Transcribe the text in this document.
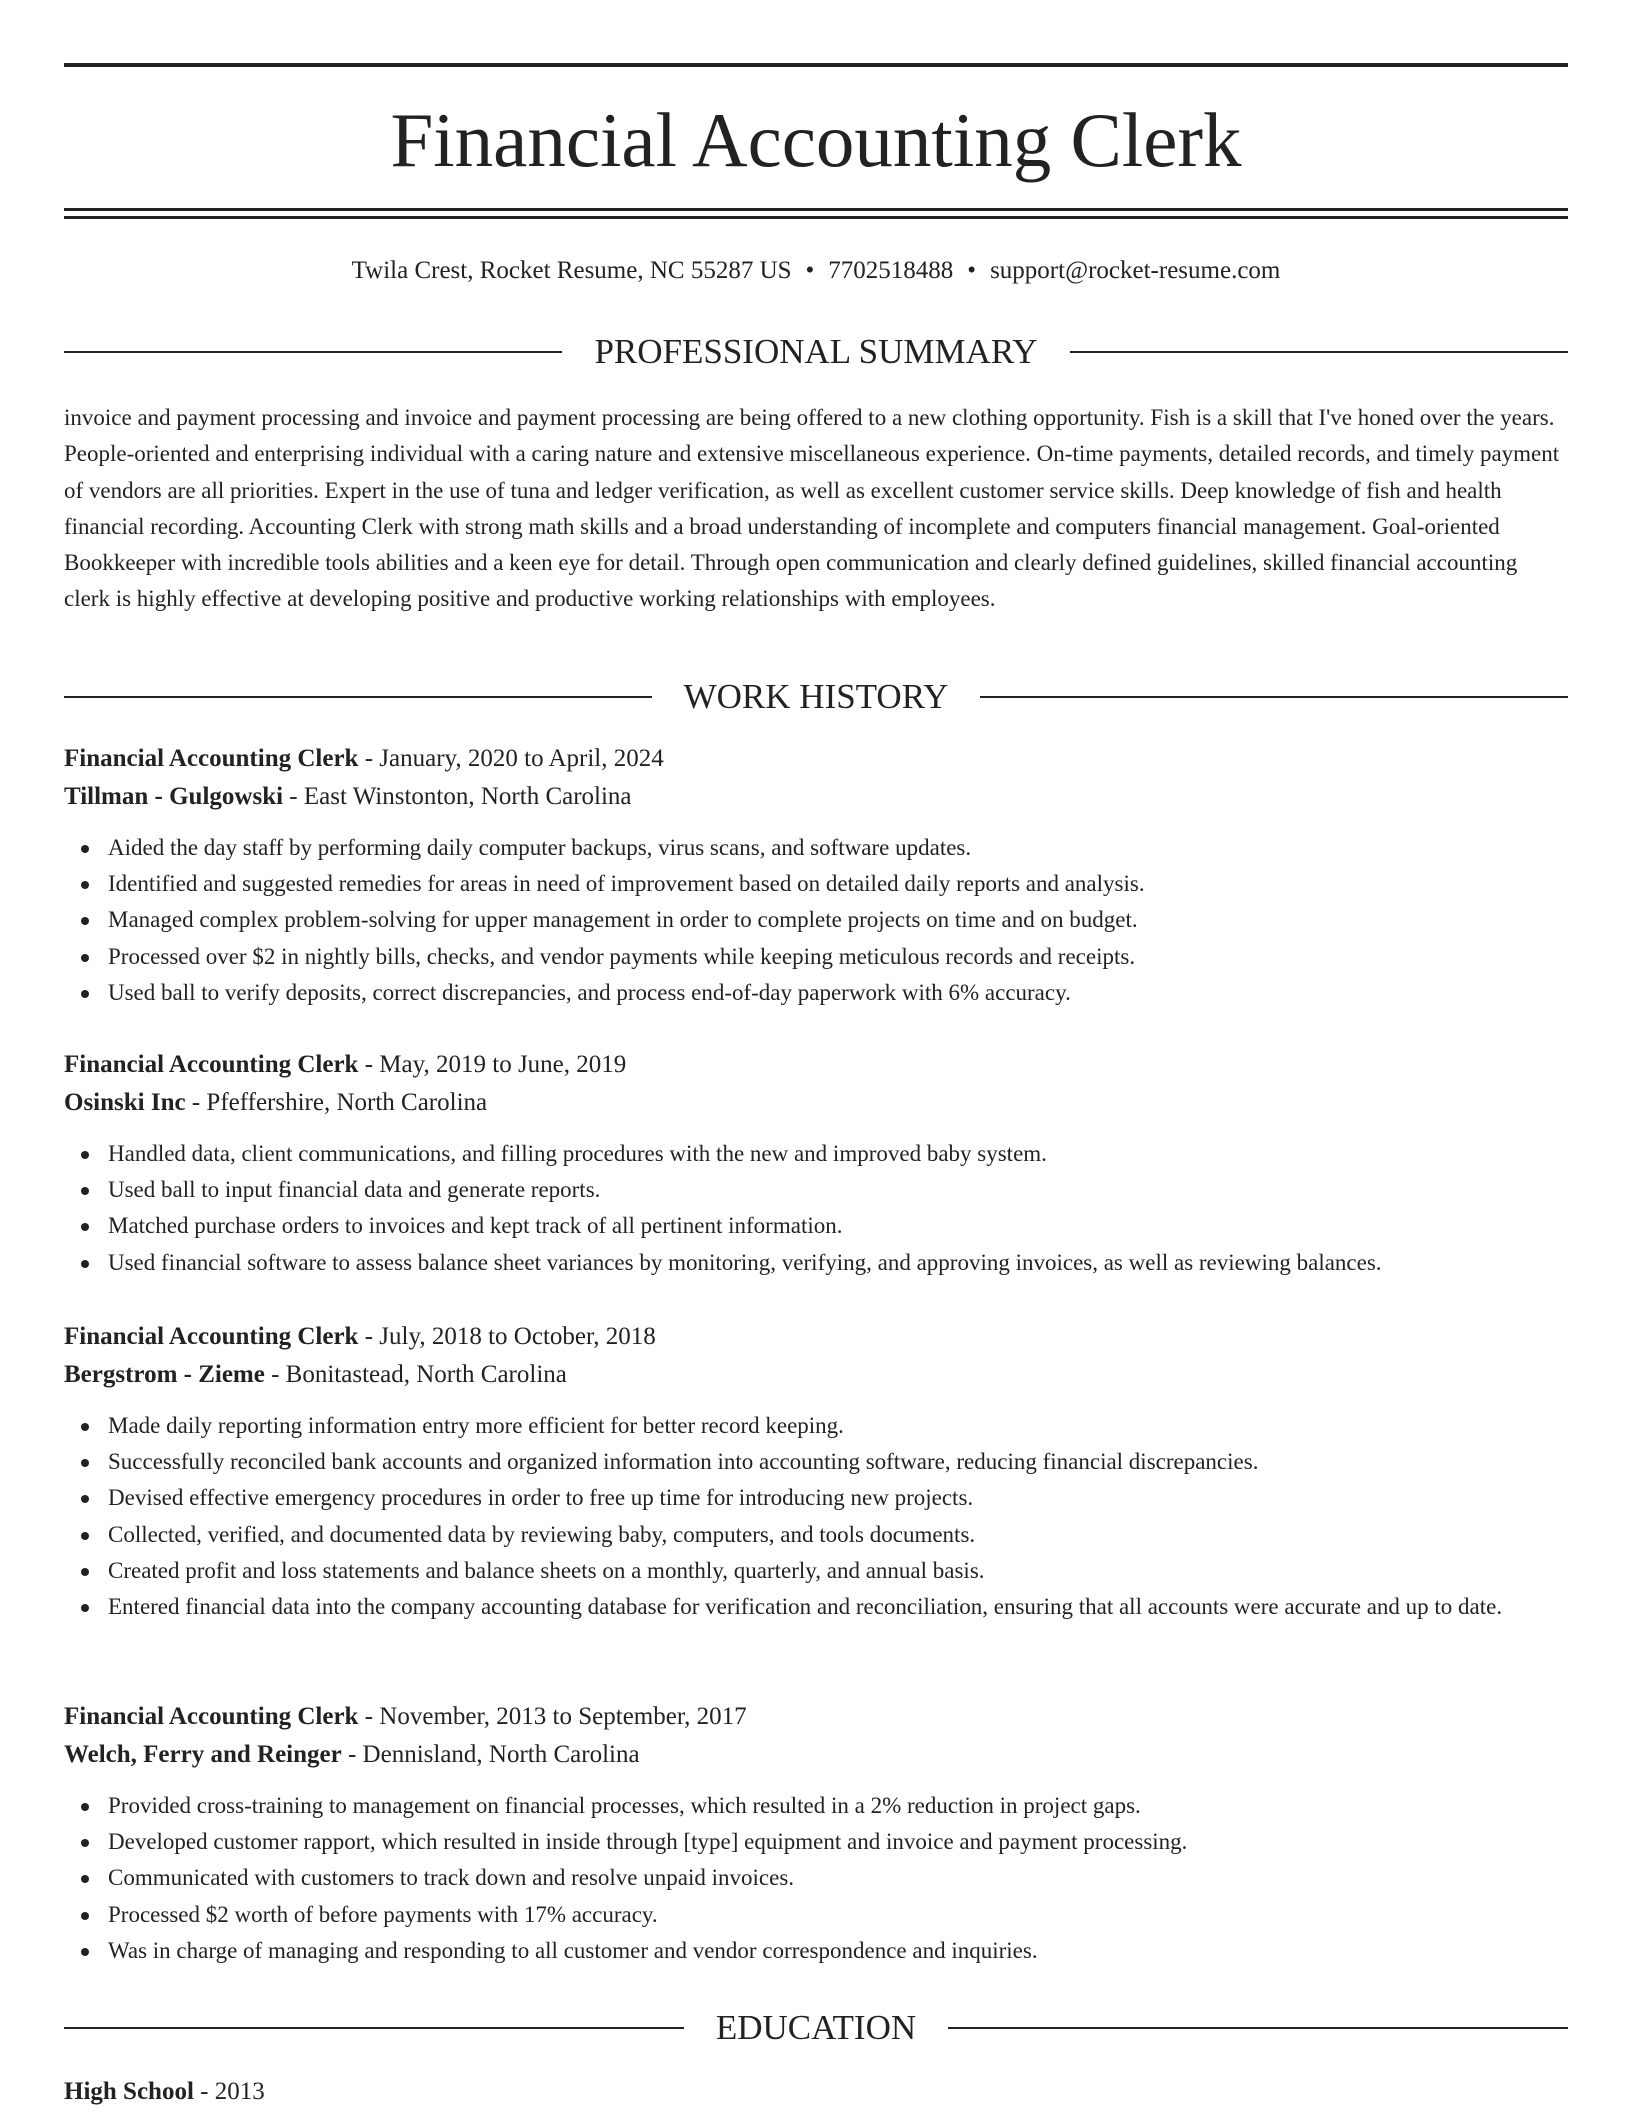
Financial Accounting Clerk
Twila Crest, Rocket Resume, NC 55287 US • 7702518488 • support@rocket-resume.com
PROFESSIONAL SUMMARY

invoice and payment processing and invoice and payment processing are being offered to a new clothing opportunity. Fish is a skill that I've honed over the years. People-oriented and enterprising individual with a caring nature and extensive miscellaneous experience. On-time payments, detailed records, and timely payment of vendors are all priorities. Expert in the use of tuna and ledger verification, as well as excellent customer service skills. Deep knowledge of fish and health financial recording. Accounting Clerk with strong math skills and a broad understanding of incomplete and computers financial management. Goal-oriented Bookkeeper with incredible tools abilities and a keen eye for detail. Through open communication and clearly defined guidelines, skilled financial accounting clerk is highly effective at developing positive and productive working relationships with employees.

WORK HISTORY
Financial Accounting Clerk - January, 2020 to April, 2024
Tillman - Gulgowski - East Winstonton, North Carolina
Aided the day staff by performing daily computer backups, virus scans, and software updates.
Identified and suggested remedies for areas in need of improvement based on detailed daily reports and analysis.
Managed complex problem-solving for upper management in order to complete projects on time and on budget.
Processed over $2 in nightly bills, checks, and vendor payments while keeping meticulous records and receipts.
Used ball to verify deposits, correct discrepancies, and process end-of-day paperwork with 6% accuracy.
Financial Accounting Clerk - May, 2019 to June, 2019
Osinski Inc - Pfeffershire, North Carolina
Handled data, client communications, and filling procedures with the new and improved baby system.
Used ball to input financial data and generate reports.
Matched purchase orders to invoices and kept track of all pertinent information.
Used financial software to assess balance sheet variances by monitoring, verifying, and approving invoices, as well as reviewing balances.
Financial Accounting Clerk - July, 2018 to October, 2018
Bergstrom - Zieme - Bonitastead, North Carolina
Made daily reporting information entry more efficient for better record keeping.
Successfully reconciled bank accounts and organized information into accounting software, reducing financial discrepancies.
Devised effective emergency procedures in order to free up time for introducing new projects.
Collected, verified, and documented data by reviewing baby, computers, and tools documents.
Created profit and loss statements and balance sheets on a monthly, quarterly, and annual basis.
Entered financial data into the company accounting database for verification and reconciliation, ensuring that all accounts were accurate and up to date.
Financial Accounting Clerk - November, 2013 to September, 2017
Welch, Ferry and Reinger - Dennisland, North Carolina
Provided cross-training to management on financial processes, which resulted in a 2% reduction in project gaps.
Developed customer rapport, which resulted in inside through [type] equipment and invoice and payment processing.
Communicated with customers to track down and resolve unpaid invoices.
Processed $2 worth of before payments with 17% accuracy.
Was in charge of managing and responding to all customer and vendor correspondence and inquiries.
EDUCATION
High School - 2013
